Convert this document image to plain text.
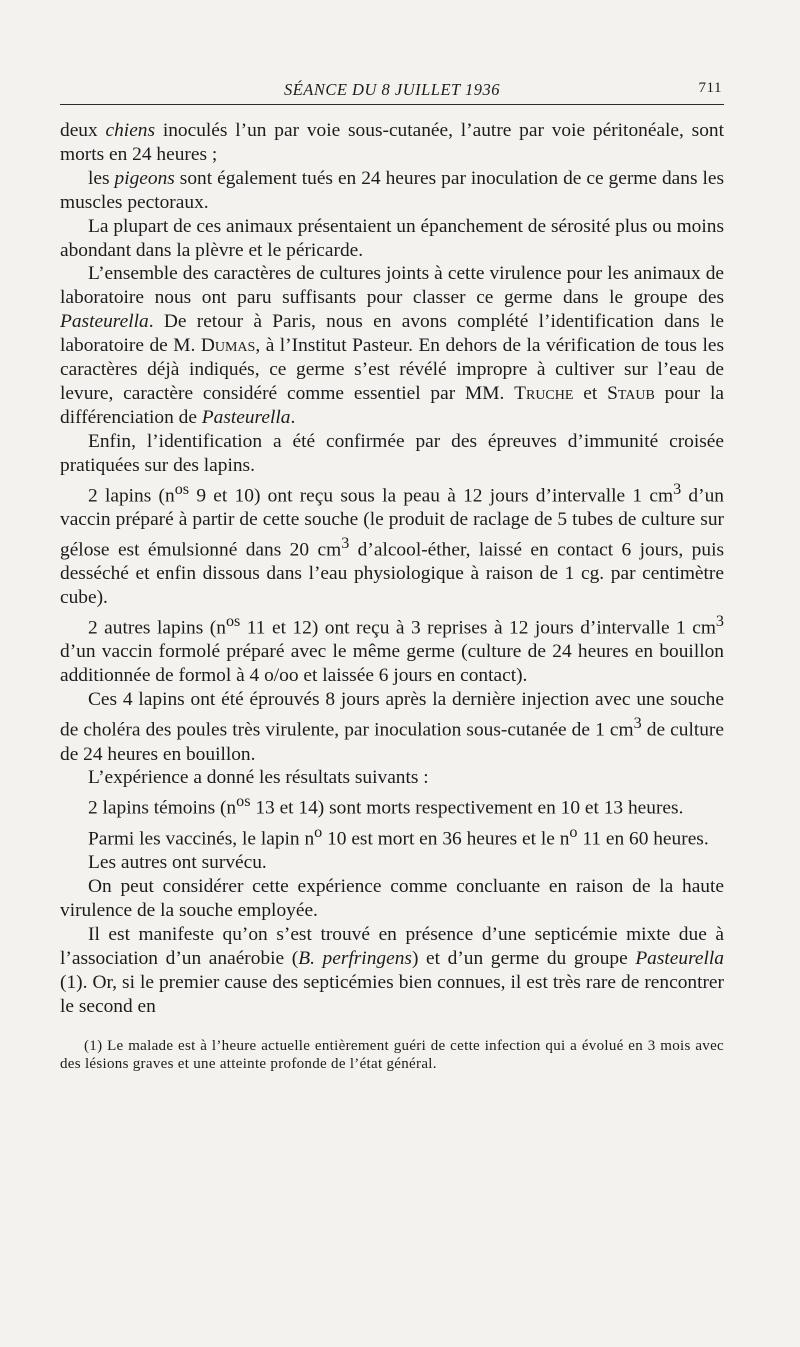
SÉANCE DU 8 JUILLET 1936	711

deux chiens inoculés l’un par voie sous-cutanée, l’autre par voie péritonéale, sont morts en 24 heures ;

les pigeons sont également tués en 24 heures par inoculation de ce germe dans les muscles pectoraux.

La plupart de ces animaux présentaient un épanchement de sérosité plus ou moins abondant dans la plèvre et le péricarde.

L’ensemble des caractères de cultures joints à cette virulence pour les animaux de laboratoire nous ont paru suffisants pour classer ce germe dans le groupe des Pasteurella. De retour à Paris, nous en avons complété l’identification dans le laboratoire de M. Dumas, à l’Institut Pasteur. En dehors de la vérification de tous les caractères déjà indiqués, ce germe s’est révélé impropre à cultiver sur l’eau de levure, caractère considéré comme essentiel par MM. Truche et Staub pour la différenciation de Pasteurella.

Enfin, l’identification a été confirmée par des épreuves d’immunité croisée pratiquées sur des lapins.

2 lapins ($n^{os}$ 9 et 10) ont reçu sous la peau à 12 jours d’intervalle 1 $cm^3$ d’un vaccin préparé à partir de cette souche (le produit de raclage de 5 tubes de culture sur gélose est émulsionné dans 20 $cm^3$ d’alcool-éther, laissé en contact 6 jours, puis desséché et enfin dissous dans l’eau physiologique à raison de 1 cg. par centimètre cube).

2 autres lapins ($n^{os}$ 11 et 12) ont reçu à 3 reprises à 12 jours d’intervalle 1 $cm^3$ d’un vaccin formolé préparé avec le même germe (culture de 24 heures en bouillon additionnée de formol à 4 o/oo et laissée 6 jours en contact).

Ces 4 lapins ont été éprouvés 8 jours après la dernière injection avec une souche de choléra des poules très virulente, par inoculation sous-cutanée de 1 $cm^3$ de culture de 24 heures en bouillon.

L’expérience a donné les résultats suivants :

2 lapins témoins ($n^{os}$ 13 et 14) sont morts respectivement en 10 et 13 heures.

Parmi les vaccinés, le lapin $n^o$ 10 est mort en 36 heures et le $n^o$ 11 en 60 heures.

Les autres ont survécu.

On peut considérer cette expérience comme concluante en raison de la haute virulence de la souche employée.

Il est manifeste qu’on s’est trouvé en présence d’une septicémie mixte due à l’association d’un anaérobie (B. perfringens) et d’un germe du groupe Pasteurella (1). Or, si le premier cause des septicémies bien connues, il est très rare de rencontrer le second en

(1) Le malade est à l’heure actuelle entièrement guéri de cette infection qui a évolué en 3 mois avec des lésions graves et une atteinte profonde de l’état général.
